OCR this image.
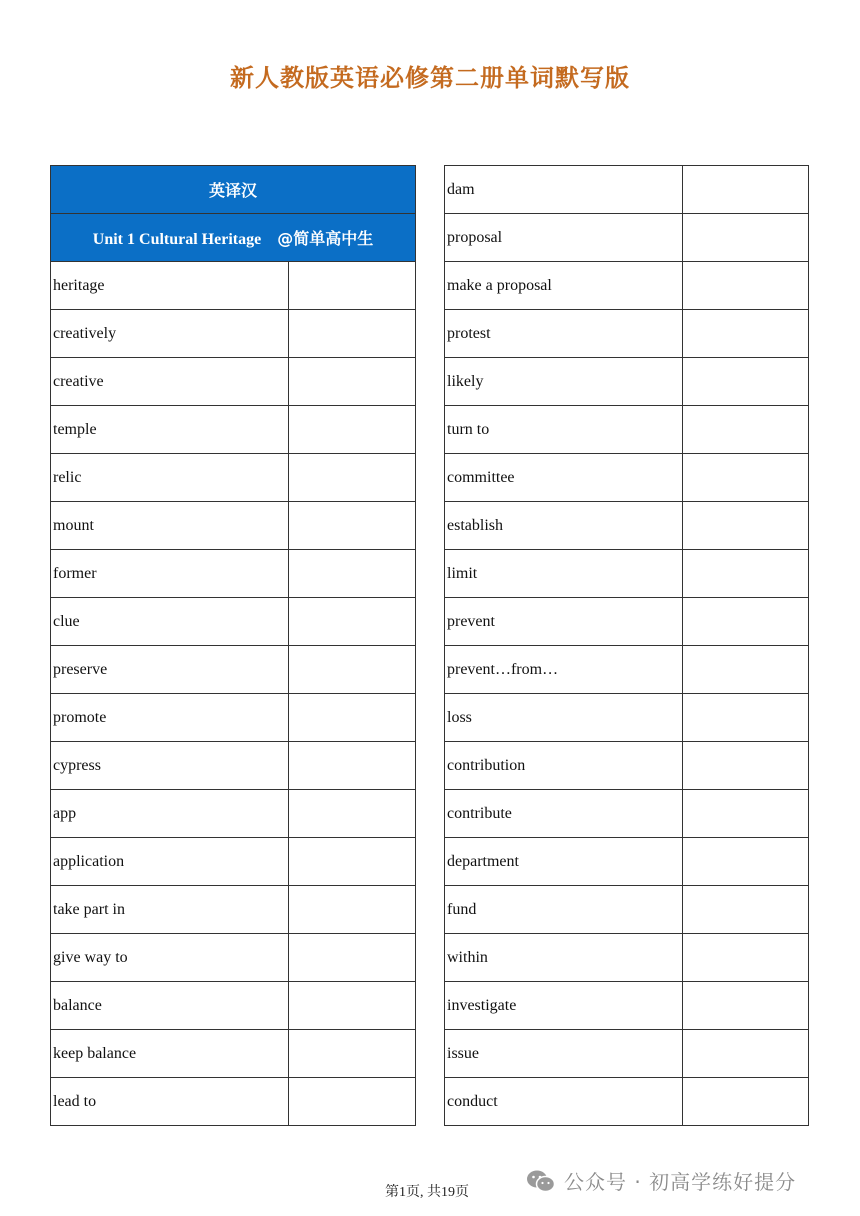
新人教版英语必修第二册单词默写版
英译汉	
Unit 1 Cultural Heritage @简单高中生	
heritage	
creatively	
creative	
temple	
relic	
mount	
former	
clue	
preserve	
promote	
cypress	
app	
application	
take part in	
give way to	
balance	
keep balance	
lead to	
dam	
proposal	
make a proposal	
protest	
likely	
turn to	
committee	
establish	
limit	
prevent	
prevent…from…	
loss	
contribution	
contribute	
department	
fund	
within	
investigate	
issue	
conduct	
第1页, 共19页	公众号 · 初高学练好提分
